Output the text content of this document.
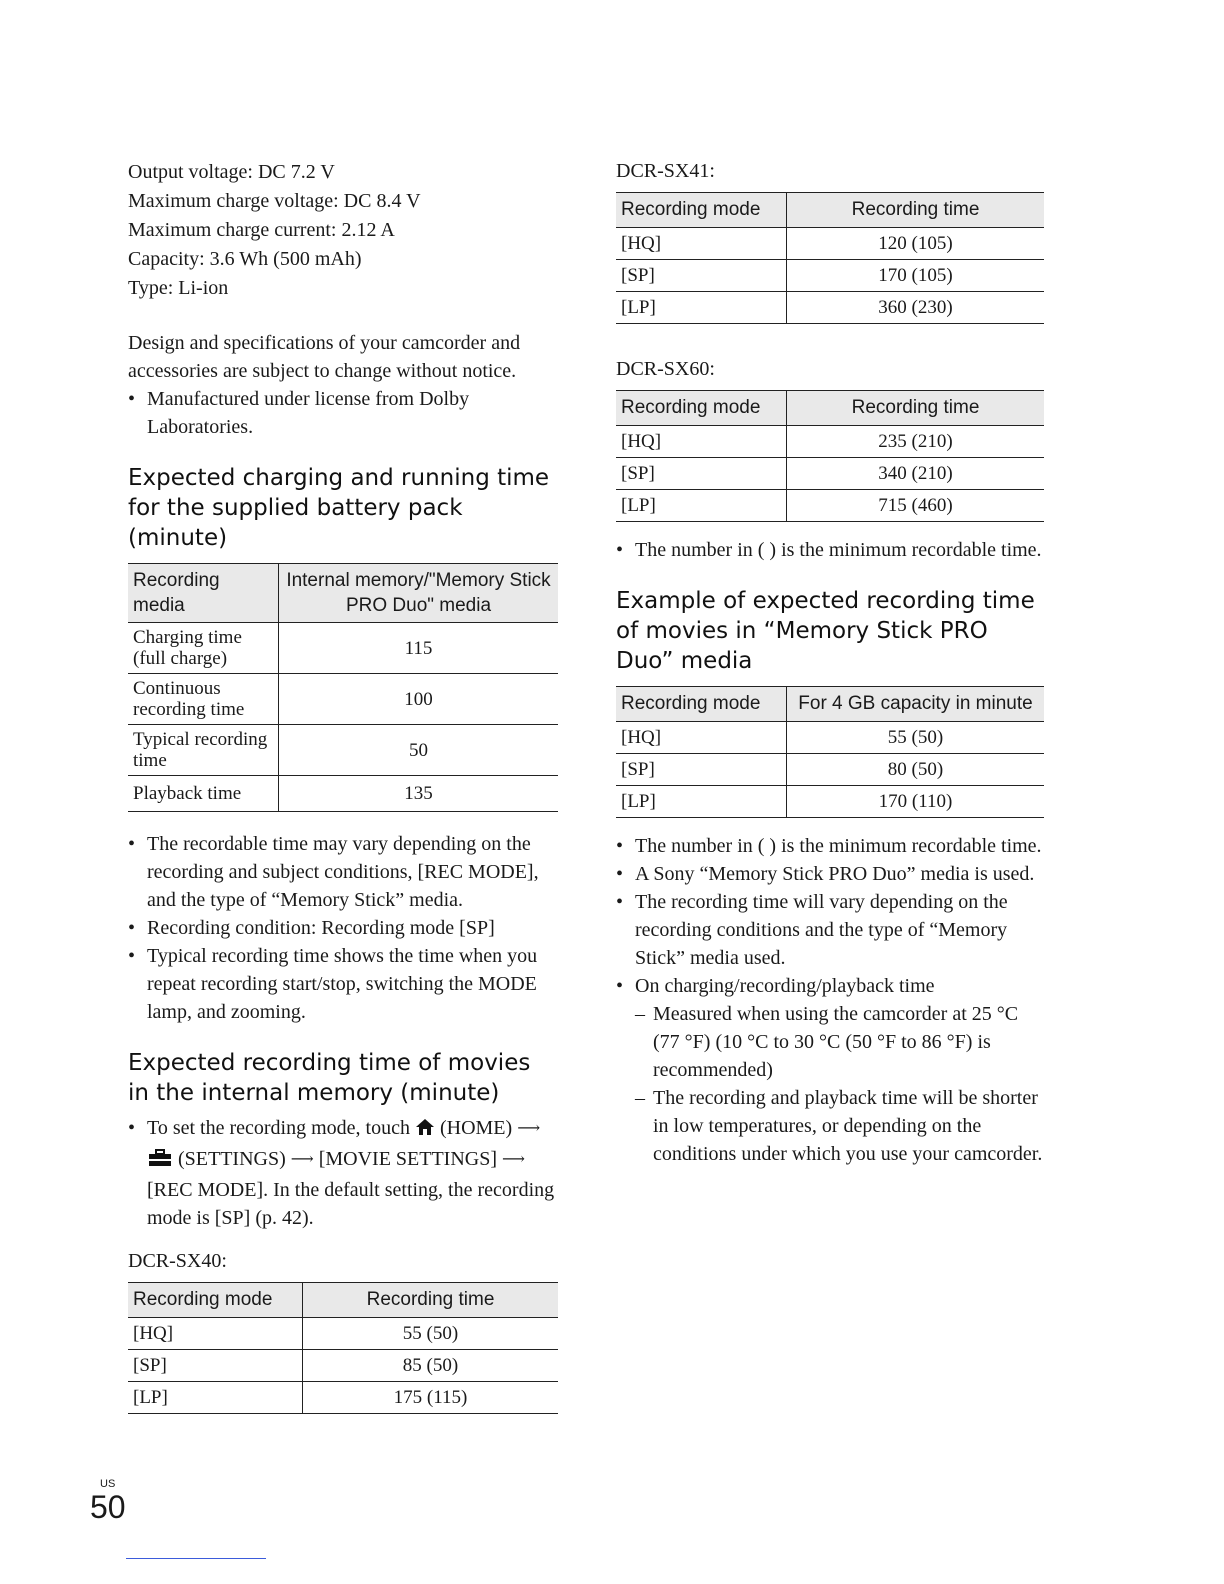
Output voltage: DC 7.2 V

Maximum charge voltage: DC 8.4 V

Maximum charge current: 2.12 A

Capacity: 3.6 Wh (500 mAh)

Type: Li-ion

Design and specifications of your camcorder and accessories are subject to change without notice.

• Manufactured under license from Dolby Laboratories.
Expected charging and running time for the supplied battery pack (minute)
Recording media	Internal memory/"Memory Stick PRO Duo" media
Charging time (full charge)	115
Continuous recording time	100
Typical recording time	50
Playback time	135
• The recordable time may vary depending on the recording and subject conditions, [REC MODE], and the type of “Memory Stick” media.
• Recording condition: Recording mode [SP]
• Typical recording time shows the time when you repeat recording start/stop, switching the MODE lamp, and zooming.
Expected recording time of movies in the internal memory (minute)
• To set the recording mode, touch (HOME) ⟶  (SETTINGS) ⟶ [MOVIE SETTINGS] ⟶ [REC MODE]. In the default setting, the recording mode is [SP] (p. 42).

DCR-SX40:

Recording mode	Recording time
[HQ]	55 (50)
[SP]	85 (50)
[LP]	175 (115)

DCR-SX41:

Recording mode	Recording time
[HQ]	120 (105)
[SP]	170 (105)
[LP]	360 (230)

DCR-SX60:

Recording mode	Recording time
[HQ]	235 (210)
[SP]	340 (210)
[LP]	715 (460)
• The number in ( ) is the minimum recordable time.
Example of expected recording time of movies in “Memory Stick PRO Duo” media
Recording mode	For 4 GB capacity in minute
[HQ]	55 (50)
[SP]	80 (50)
[LP]	170 (110)
• The number in ( ) is the minimum recordable time.
• A Sony “Memory Stick PRO Duo” media is used.
• The recording time will vary depending on the recording conditions and the type of “Memory Stick” media used.
• On charging/recording/playback time
– Measured when using the camcorder at 25 °C (77 °F) (10 °C to 30 °C (50 °F to 86 °F) is recommended)
– The recording and playback time will be shorter in low temperatures, or depending on the conditions under which you use your camcorder.
US
50
